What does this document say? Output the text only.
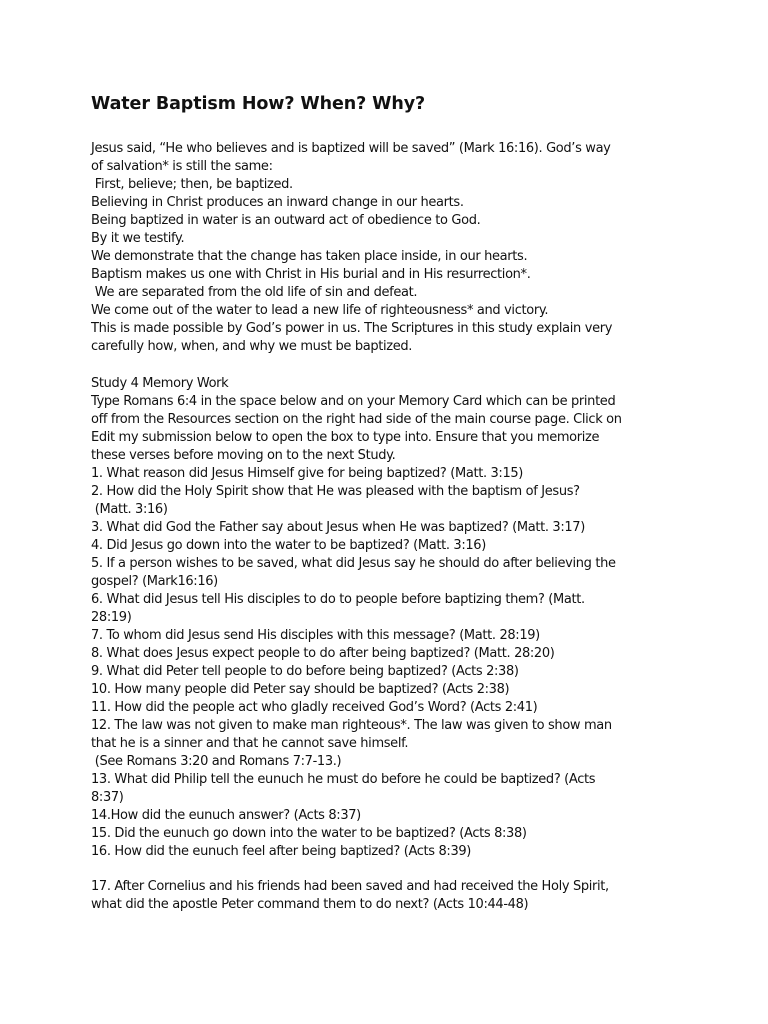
Water Baptism How? When? Why?
Jesus said, “He who believes and is baptized will be saved” (Mark 16:16). God’s way
of salvation* is still the same:
First, believe; then, be baptized.
Believing in Christ produces an inward change in our hearts.
Being baptized in water is an outward act of obedience to God.
By it we testify.
We demonstrate that the change has taken place inside, in our hearts.
Baptism makes us one with Christ in His burial and in His resurrection*.
We are separated from the old life of sin and defeat.
We come out of the water to lead a new life of righteousness* and victory.
This is made possible by God’s power in us. The Scriptures in this study explain very
carefully how, when, and why we must be baptized.
Study 4 Memory Work
Type Romans 6:4 in the space below and on your Memory Card which can be printed
off from the Resources section on the right had side of the main course page. Click on
Edit my submission below to open the box to type into. Ensure that you memorize
these verses before moving on to the next Study.
1. What reason did Jesus Himself give for being baptized? (Matt. 3:15)
2. How did the Holy Spirit show that He was pleased with the baptism of Jesus?
(Matt. 3:16)
3. What did God the Father say about Jesus when He was baptized? (Matt. 3:17)
4. Did Jesus go down into the water to be baptized? (Matt. 3:16)
5. If a person wishes to be saved, what did Jesus say he should do after believing the
gospel? (Mark16:16)
6. What did Jesus tell His disciples to do to people before baptizing them? (Matt.
28:19)
7. To whom did Jesus send His disciples with this message? (Matt. 28:19)
8. What does Jesus expect people to do after being baptized? (Matt. 28:20)
9. What did Peter tell people to do before being baptized? (Acts 2:38)
10. How many people did Peter say should be baptized? (Acts 2:38)
11. How did the people act who gladly received God’s Word? (Acts 2:41)
12. The law was not given to make man righteous*. The law was given to show man
that he is a sinner and that he cannot save himself.
(See Romans 3:20 and Romans 7:7-13.)
13. What did Philip tell the eunuch he must do before he could be baptized? (Acts
8:37)
14.How did the eunuch answer? (Acts 8:37)
15. Did the eunuch go down into the water to be baptized? (Acts 8:38)
16. How did the eunuch feel after being baptized? (Acts 8:39)
17. After Cornelius and his friends had been saved and had received the Holy Spirit,
what did the apostle Peter command them to do next? (Acts 10:44-48)
